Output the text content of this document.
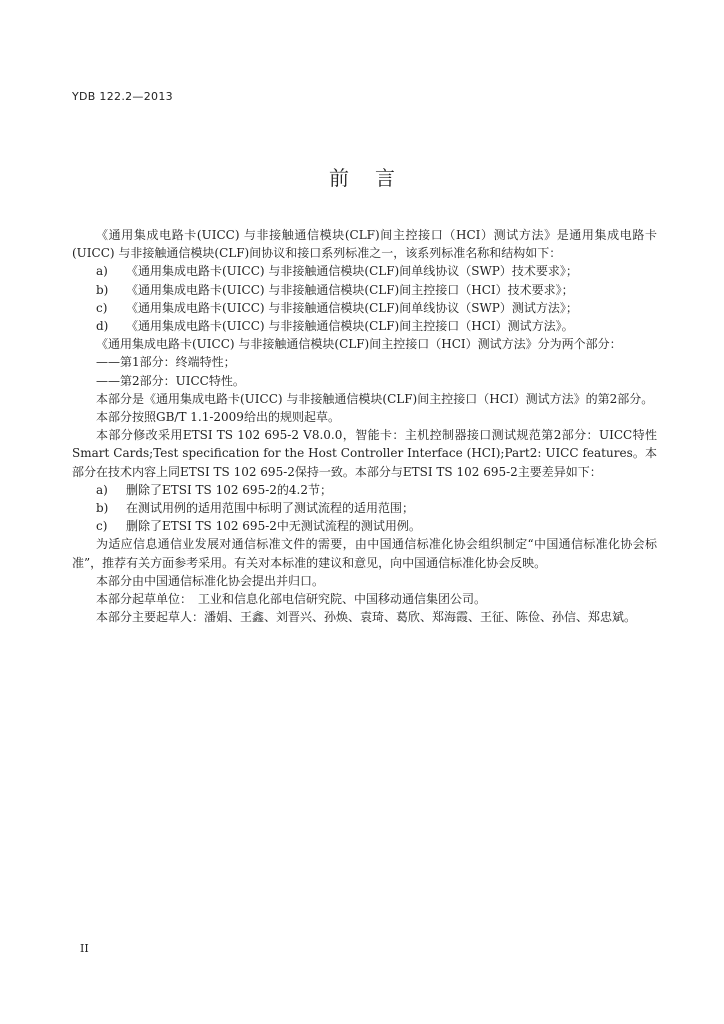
YDB 122.2—2013
前言

《通用集成电路卡(UICC) 与非接触通信模块(CLF)间主控接口（HCI）测试方法》是通用集成电路卡(UICC) 与非接触通信模块(CLF)间协议和接口系列标准之一，该系列标准名称和结构如下：

a)	《通用集成电路卡(UICC) 与非接触通信模块(CLF)间单线协议（SWP）技术要求》；
b)	《通用集成电路卡(UICC) 与非接触通信模块(CLF)间主控接口（HCI）技术要求》；
c)	《通用集成电路卡(UICC) 与非接触通信模块(CLF)间单线协议（SWP）测试方法》；
d)	《通用集成电路卡(UICC) 与非接触通信模块(CLF)间主控接口（HCI）测试方法》。

《通用集成电路卡(UICC) 与非接触通信模块(CLF)间主控接口（HCI）测试方法》分为两个部分：

——第1部分：终端特性；

——第2部分：UICC特性。

本部分是《通用集成电路卡(UICC) 与非接触通信模块(CLF)间主控接口（HCI）测试方法》的第2部分。

本部分按照GB/T 1.1-2009给出的规则起草。

本部分修改采用ETSI TS 102 695-2 V8.0.0，智能卡：主机控制器接口测试规范第2部分：UICC特性Smart Cards;Test specification for the Host Controller Interface (HCI);Part2: UICC features。本部分在技术内容上同ETSI TS 102 695-2保持一致。本部分与ETSI TS 102 695-2主要差异如下：

a)	删除了ETSI TS 102 695-2的4.2节；
b)	在测试用例的适用范围中标明了测试流程的适用范围；
c)	删除了ETSI TS 102 695-2中无测试流程的测试用例。

为适应信息通信业发展对通信标准文件的需要，由中国通信标准化协会组织制定“中国通信标准化协会标准”，推荐有关方面参考采用。有关对本标准的建议和意见，向中国通信标准化协会反映。

本部分由中国通信标准化协会提出并归口。

本部分起草单位：　工业和信息化部电信研究院、中国移动通信集团公司。

本部分主要起草人：潘娟、王鑫、刘晋兴、孙焕、袁琦、葛欣、郑海霞、王征、陈俭、孙信、郑忠斌。

II
